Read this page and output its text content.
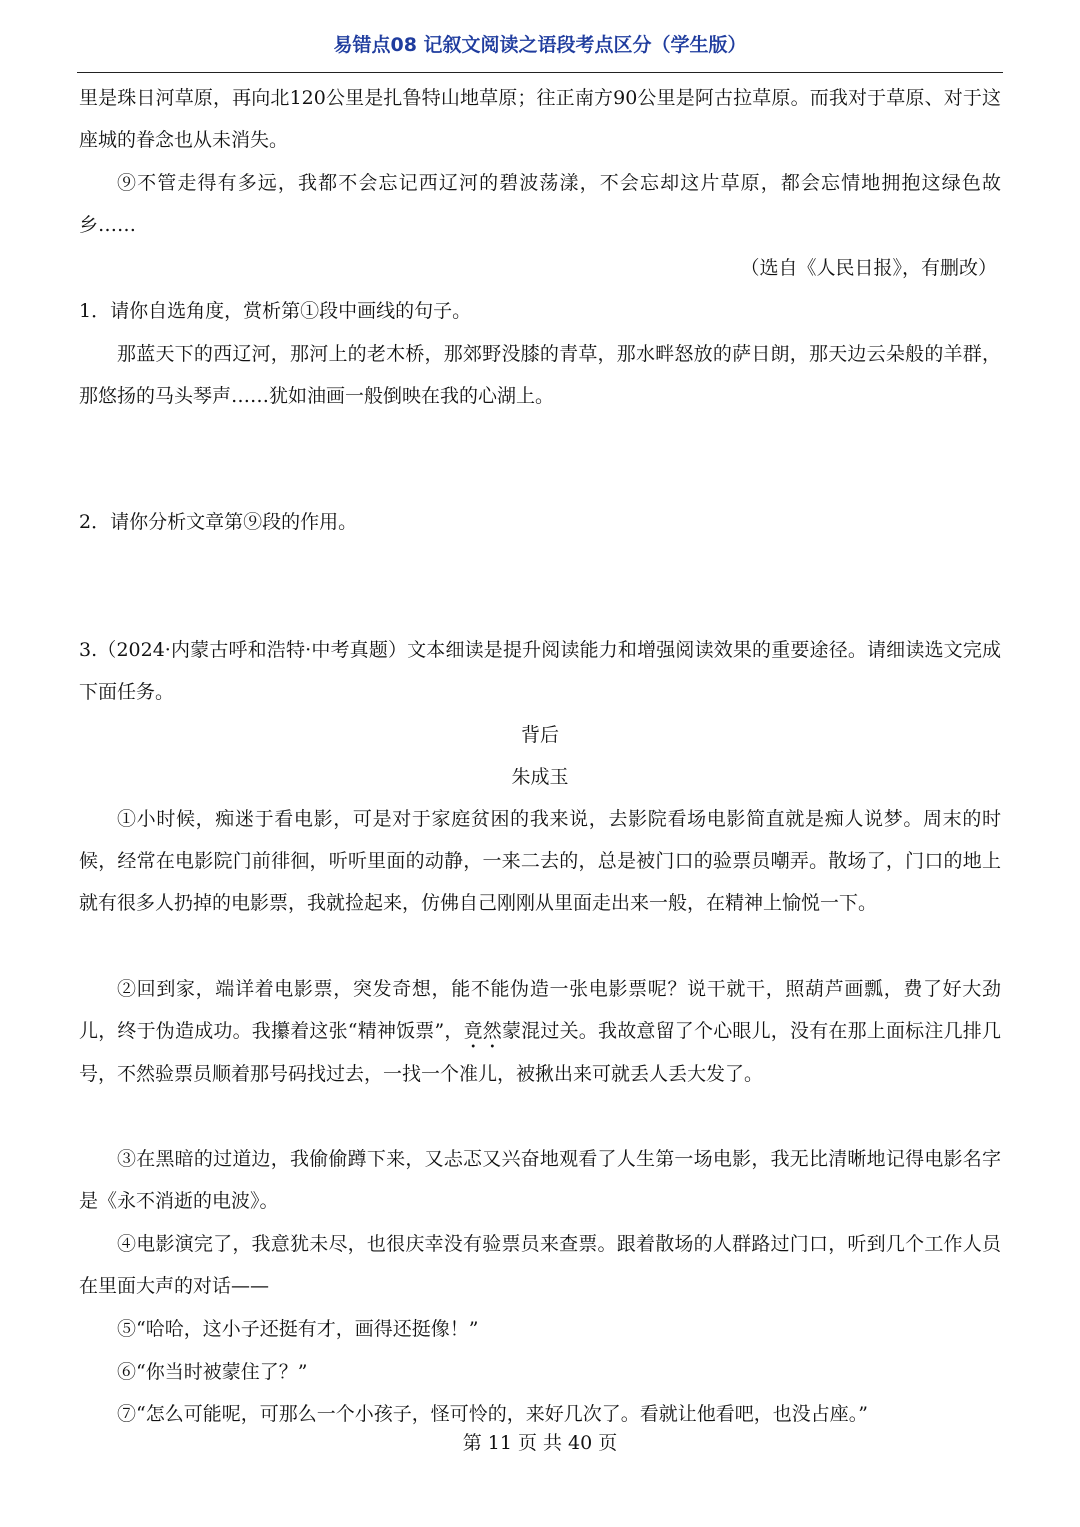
易错点08 记叙文阅读之语段考点区分（学生版）

里是珠日河草原，再向北120公里是扎鲁特山地草原；往正南方90公里是阿古拉草原。而我对于草原、对于这座城的眷念也从未消失。

⑨不管走得有多远，我都不会忘记西辽河的碧波荡漾，不会忘却这片草原，都会忘情地拥抱这绿色故乡……

（选自《人民日报》，有删改）

1．请你自选角度，赏析第①段中画线的句子。

那蓝天下的西辽河，那河上的老木桥，那郊野没膝的青草，那水畔怒放的萨日朗，那天边云朵般的羊群，那悠扬的马头琴声……犹如油画一般倒映在我的心湖上。

2．请你分析文章第⑨段的作用。

3.（2024·内蒙古呼和浩特·中考真题）文本细读是提升阅读能力和增强阅读效果的重要途径。请细读选文完成下面任务。

背后

朱成玉

①小时候，痴迷于看电影，可是对于家庭贫困的我来说，去影院看场电影简直就是痴人说梦。周末的时候，经常在电影院门前徘徊，听听里面的动静，一来二去的，总是被门口的验票员嘲弄。散场了，门口的地上就有很多人扔掉的电影票，我就捡起来，仿佛自己刚刚从里面走出来一般，在精神上愉悦一下。

②回到家，端详着电影票，突发奇想，能不能伪造一张电影票呢？说干就干，照葫芦画瓢，费了好大劲儿，终于伪造成功。我攥着这张“精神饭票”，竟然蒙混过关。我故意留了个心眼儿，没有在那上面标注几排几号，不然验票员顺着那号码找过去，一找一个准儿，被揪出来可就丢人丢大发了。

③在黑暗的过道边，我偷偷蹲下来，又忐忑又兴奋地观看了人生第一场电影，我无比清晰地记得电影名字是《永不消逝的电波》。

④电影演完了，我意犹未尽，也很庆幸没有验票员来查票。跟着散场的人群路过门口，听到几个工作人员在里面大声的对话——

⑤“哈哈，这小子还挺有才，画得还挺像！”

⑥“你当时被蒙住了？”

⑦“怎么可能呢，可那么一个小孩子，怪可怜的，来好几次了。看就让他看吧，也没占座。”

第 11 页 共 40 页
